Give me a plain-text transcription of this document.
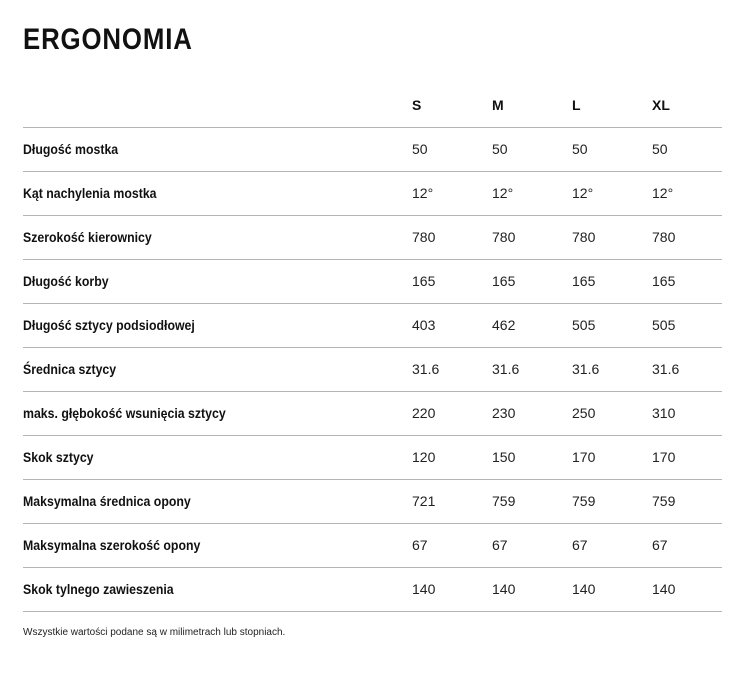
ERGONOMIA
	S	M	L	XL
Długość mostka	50	50	50	50
Kąt nachylenia mostka	12°	12°	12°	12°
Szerokość kierownicy	780	780	780	780
Długość korby	165	165	165	165
Długość sztycy podsiodłowej	403	462	505	505
Średnica sztycy	31.6	31.6	31.6	31.6
maks. głębokość wsunięcia sztycy	220	230	250	310
Skok sztycy	120	150	170	170
Maksymalna średnica opony	721	759	759	759
Maksymalna szerokość opony	67	67	67	67
Skok tylnego zawieszenia	140	140	140	140
Wszystkie wartości podane są w milimetrach lub stopniach.
